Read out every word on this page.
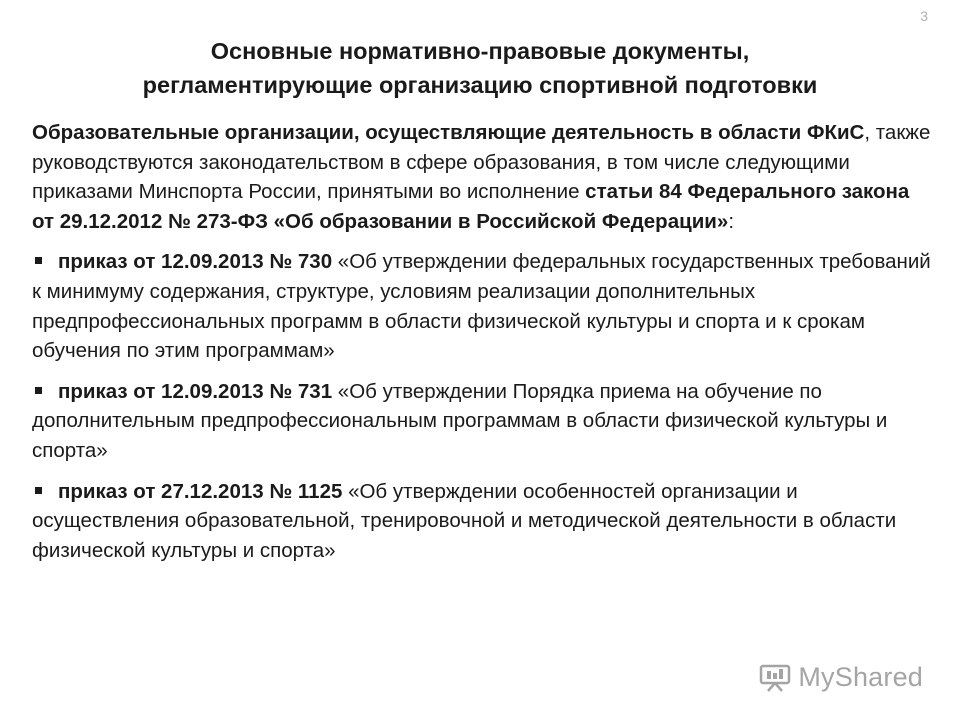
3
Основные нормативно-правовые документы,
регламентирующие организацию спортивной подготовки

Образовательные организации, осуществляющие деятельность в области ФКиС, также руководствуются законодательством в сфере образования, в том числе следующими приказами Минспорта России, принятыми во исполнение статьи 84 Федерального закона от 29.12.2012 № 273-ФЗ «Об образовании в Российской Федерации»:

приказ от 12.09.2013 № 730 «Об утверждении федеральных государственных требований к минимуму содержания, структуре, условиям реализации дополнительных предпрофессиональных программ в области физической культуры и спорта и к срокам обучения по этим программам»
приказ от 12.09.2013 № 731 «Об утверждении Порядка приема на обучение по дополнительным предпрофессиональным программам в области физической культуры и спорта»
приказ от 27.12.2013 № 1125 «Об утверждении особенностей организации и осуществления образовательной, тренировочной и методической деятельности в области физической культуры и спорта»
MyShared
